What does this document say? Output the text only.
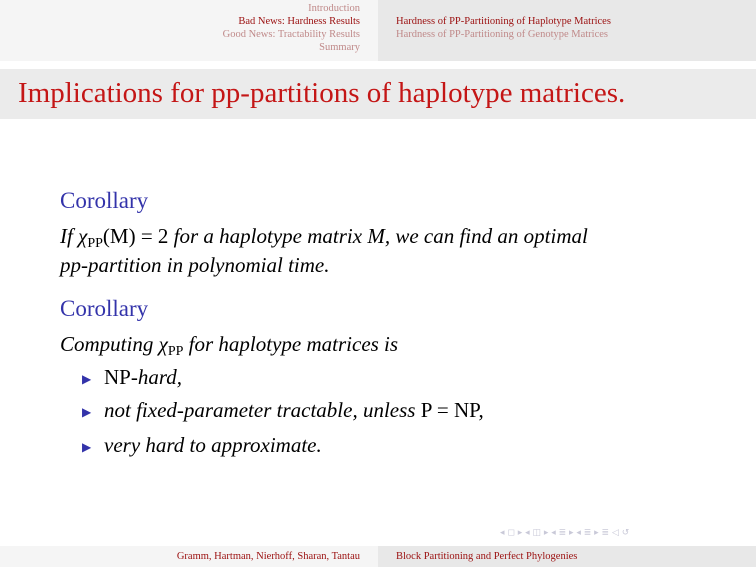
Introduction
Bad News: Hardness Results
Good News: Tractability Results
Summary
Hardness of PP-Partitioning of Haplotype Matrices
Hardness of PP-Partitioning of Genotype Matrices
Implications for pp-partitions of haplotype matrices.
Corollary
If χPP(M) = 2 for a haplotype matrix M, we can find an optimal
pp-partition in polynomial time.
Corollary
Computing χPP for haplotype matrices is
▶ NP-hard,
▶ not fixed-parameter tractable, unless P = NP,
▶ very hard to approximate.
◂ ◻ ▸ ◂ ◫ ▸ ◂ ≣ ▸ ◂ ≣ ▸ ≣ ◁ ↺
Gramm, Hartman, Nierhoff, Sharan, Tantau	Block Partitioning and Perfect Phylogenies
